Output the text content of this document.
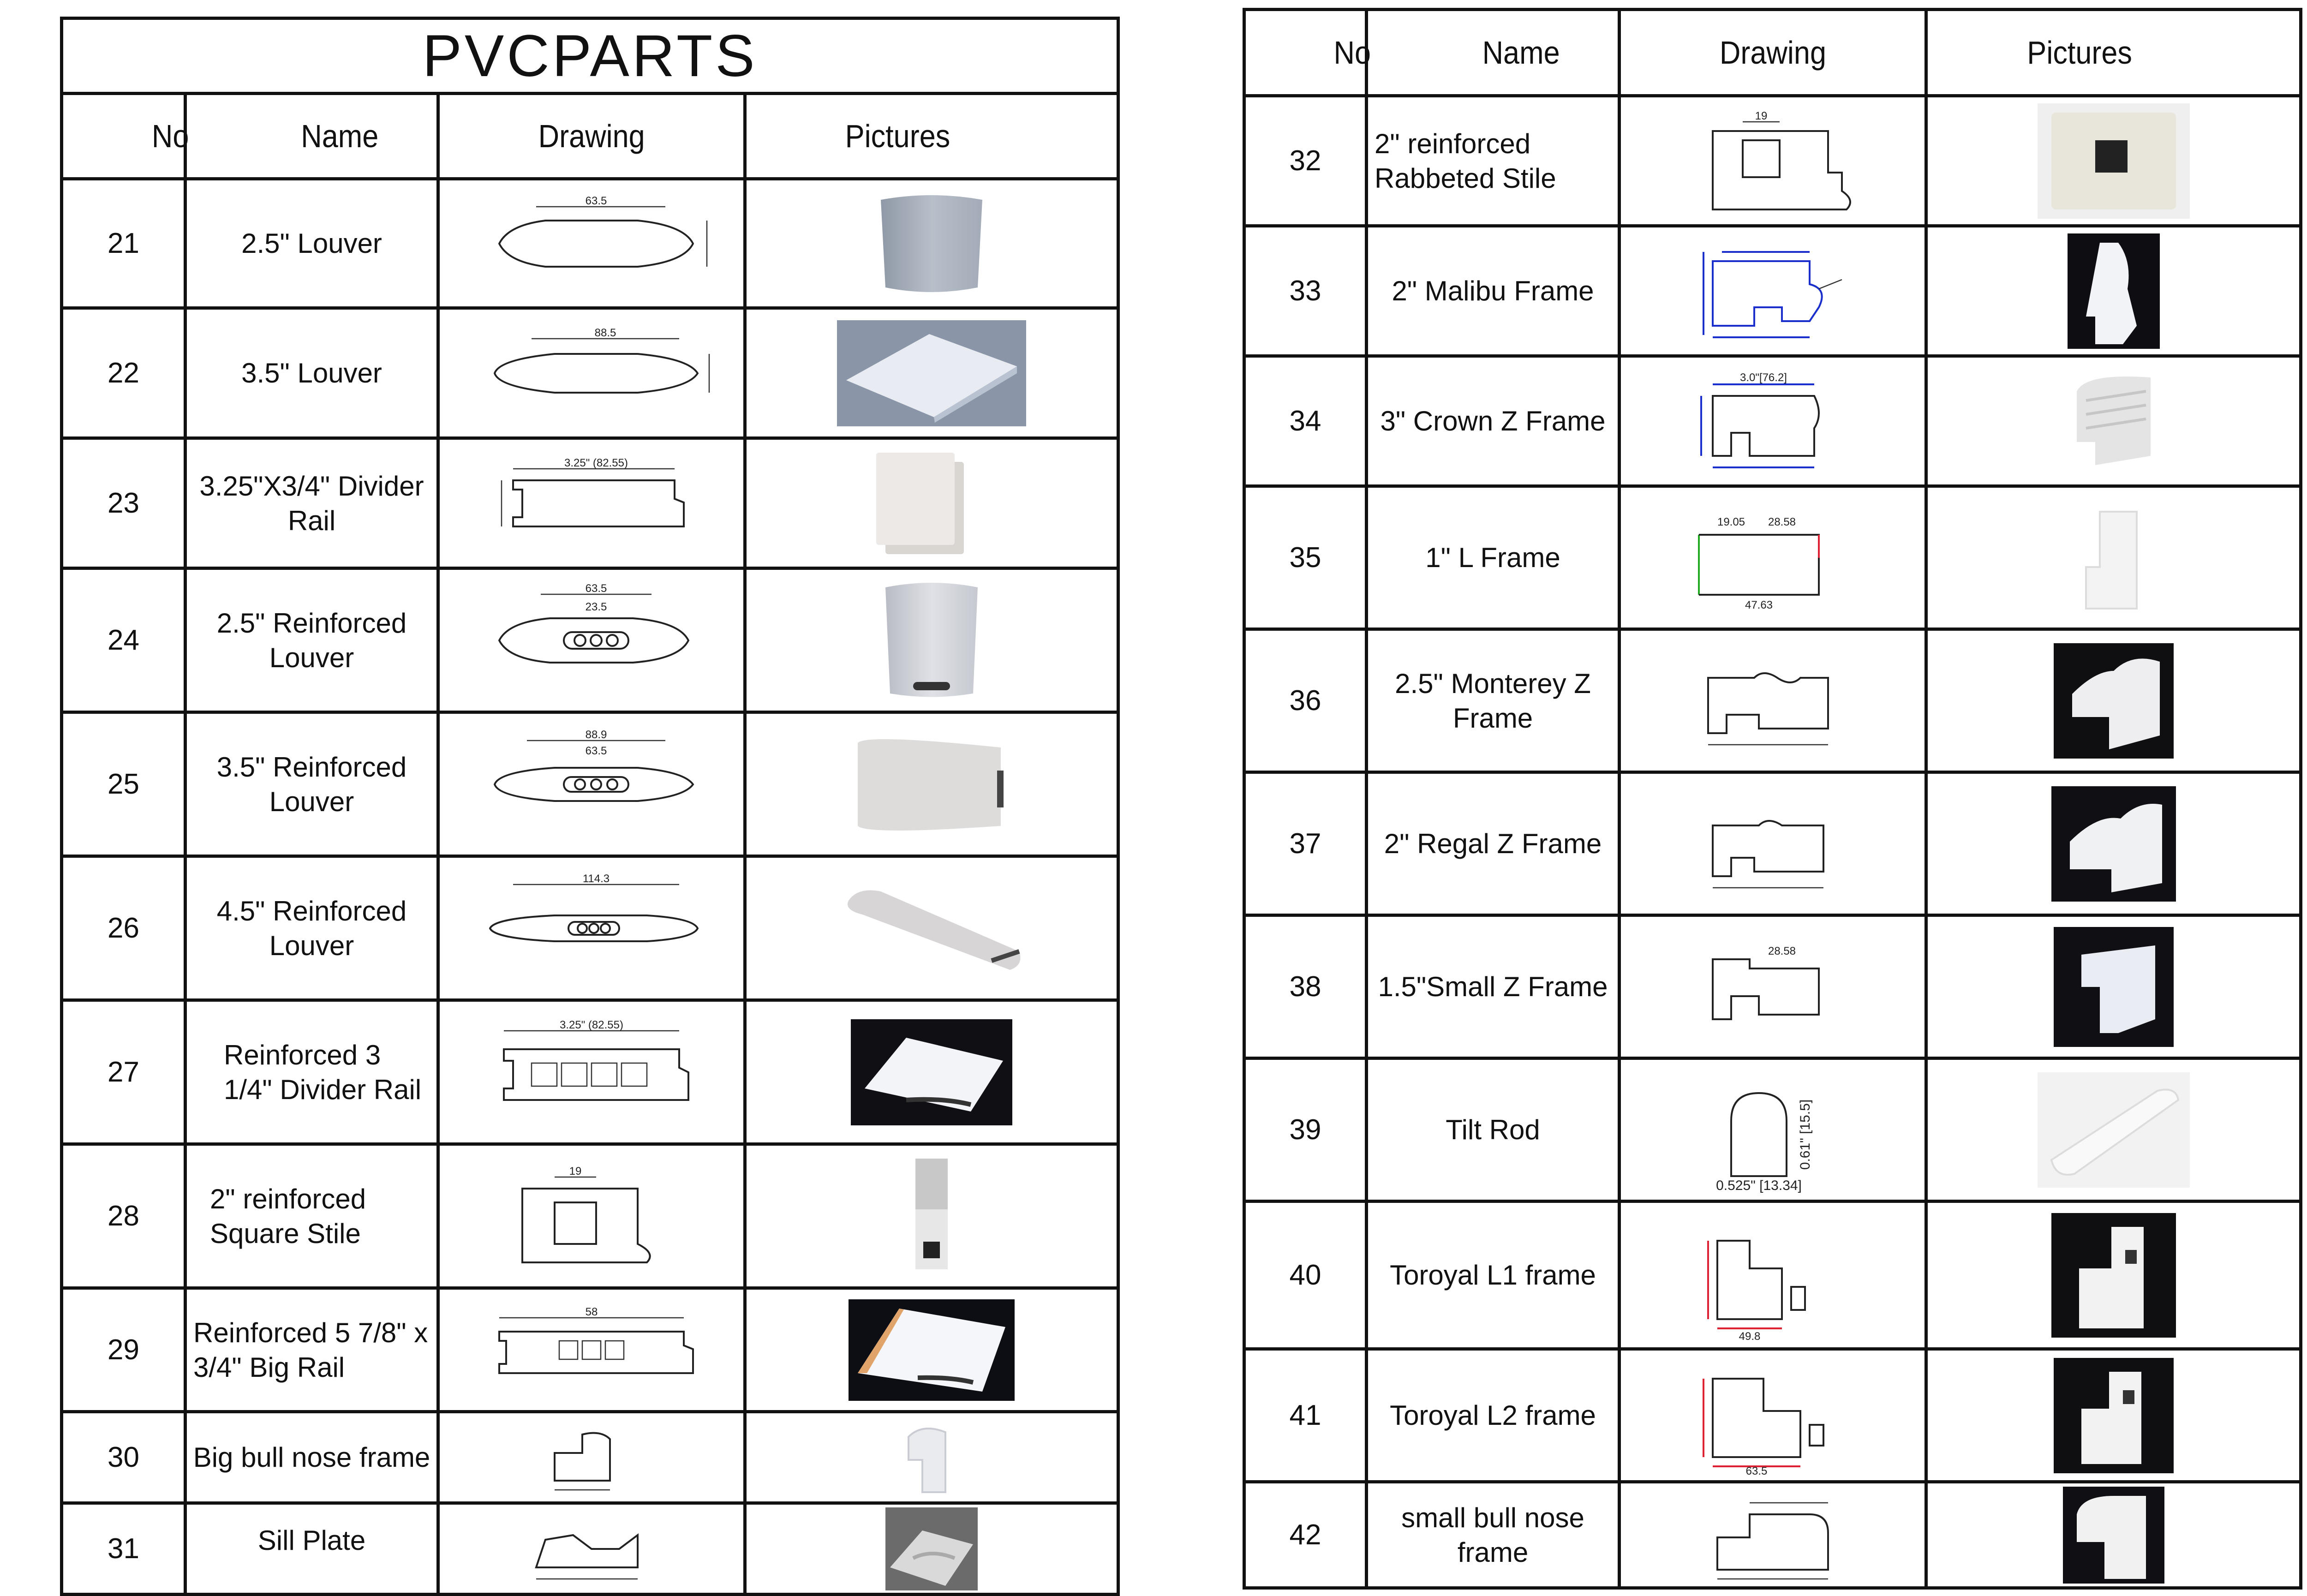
PVCPARTS			
No	Name	Drawing	Pictures
21	2.5" Louver	63.5

22	3.5" Louver	88.5

23	3.25"X3/4" Divider Rail	3.25" (82.55)

24	2.5" Reinforced Louver	63.5
23.5

25	3.5" Reinforced Louver	88.9
63.5

26	4.5" Reinforced Louver	114.3

27	Reinforced 3 1/4" Divider Rail	3.25" (82.55)

28	2" reinforced Square Stile	19

29	Reinforced 5 7/8" x 3/4" Big Rail	58

30	Big bull nose frame	

31	Sill Plate	

No	Name	Drawing	Pictures
32	2" reinforced Rabbeted Stile	19

33	2" Malibu Frame	

34	3" Crown Z Frame	3.0"[76.2]

35	1" L Frame	19.05 28.58
47.63

36	2.5" Monterey Z Frame	

37	2" Regal Z Frame	

38	1.5"Small Z Frame	28.58

39	Tilt Rod	0.525" [13.34]
0.61" [15.5]

40	Toroyal L1 frame	49.8

41	Toroyal L2 frame	63.5

42	small bull nose frame	
